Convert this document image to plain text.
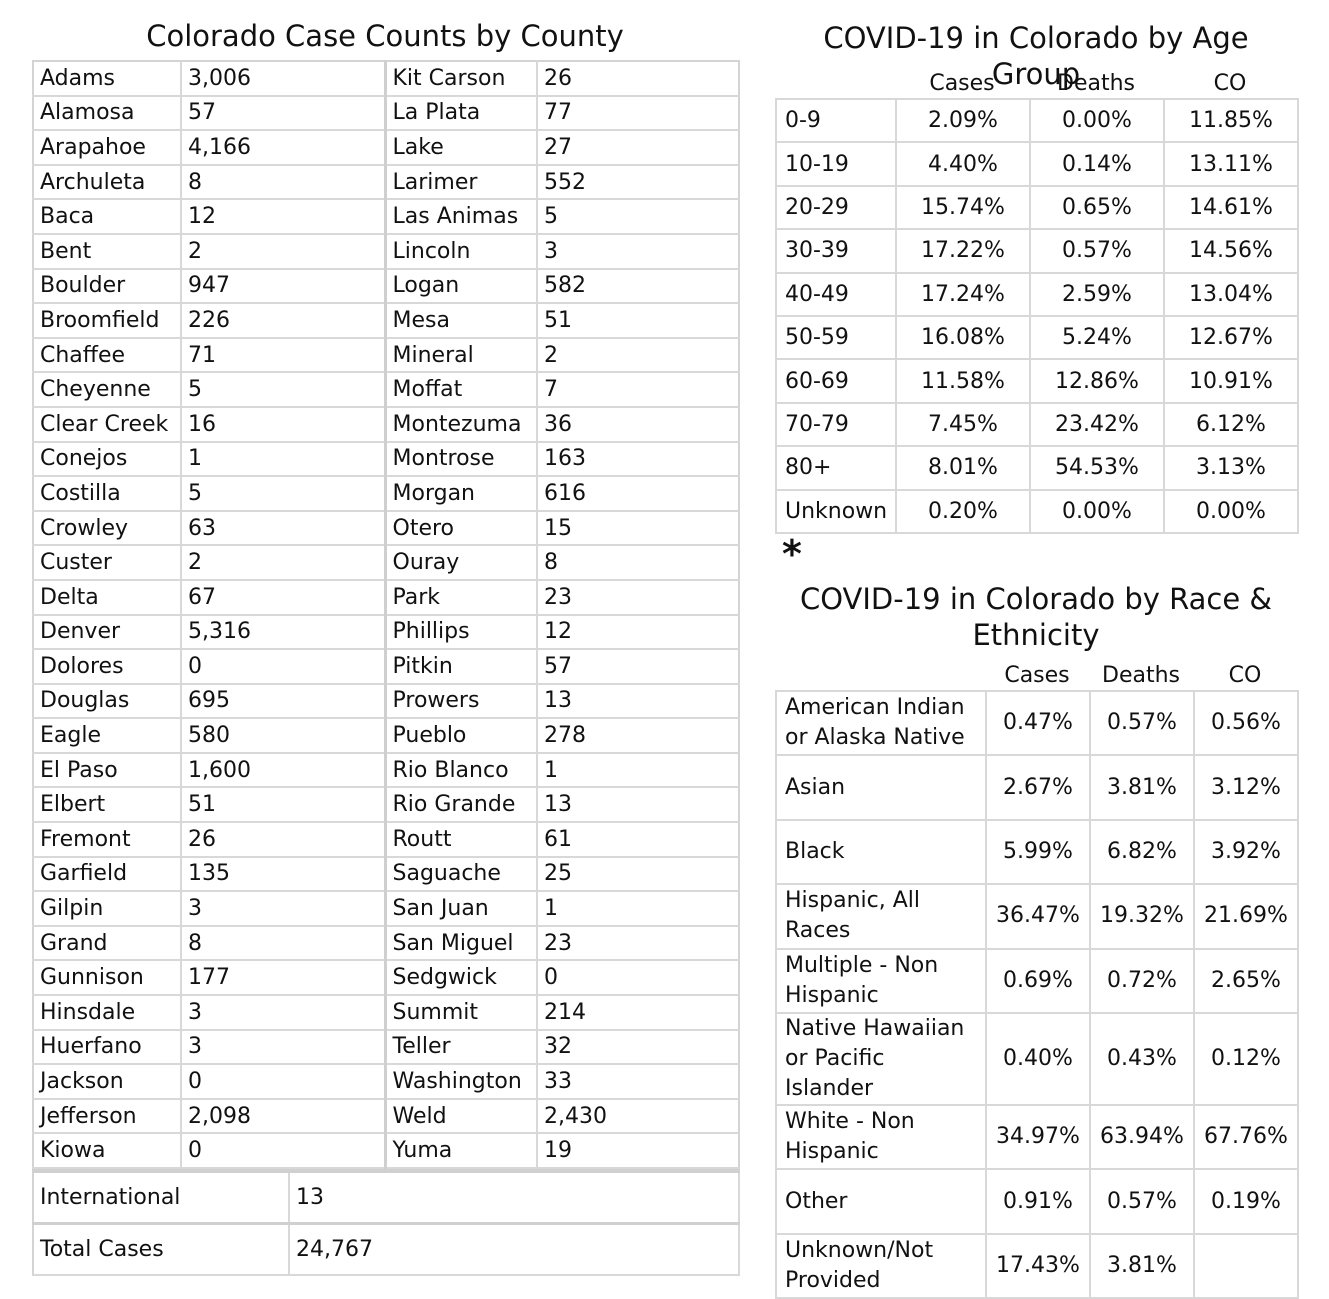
Colorado Case Counts by County
Adams	3,006	Kit Carson	26
Alamosa	57	La Plata	77
Arapahoe	4,166	Lake	27
Archuleta	8	Larimer	552
Baca	12	Las Animas	5
Bent	2	Lincoln	3
Boulder	947	Logan	582
Broomfield	226	Mesa	51
Chaffee	71	Mineral	2
Cheyenne	5	Moffat	7
Clear Creek	16	Montezuma	36
Conejos	1	Montrose	163
Costilla	5	Morgan	616
Crowley	63	Otero	15
Custer	2	Ouray	8
Delta	67	Park	23
Denver	5,316	Phillips	12
Dolores	0	Pitkin	57
Douglas	695	Prowers	13
Eagle	580	Pueblo	278
El Paso	1,600	Rio Blanco	1
Elbert	51	Rio Grande	13
Fremont	26	Routt	61
Garfield	135	Saguache	25
Gilpin	3	San Juan	1
Grand	8	San Miguel	23
Gunnison	177	Sedgwick	0
Hinsdale	3	Summit	214
Huerfano	3	Teller	32
Jackson	0	Washington	33
Jefferson	2,098	Weld	2,430
Kiowa	0	Yuma	19
International	13
Total Cases	24,767
COVID-19 in Colorado by Age Group
Cases	Deaths	CO
0-9	2.09%	0.00%	11.85%
10-19	4.40%	0.14%	13.11%
20-29	15.74%	0.65%	14.61%
30-39	17.22%	0.57%	14.56%
40-49	17.24%	2.59%	13.04%
50-59	16.08%	5.24%	12.67%
60-69	11.58%	12.86%	10.91%
70-79	7.45%	23.42%	6.12%
80+	8.01%	54.53%	3.13%
Unknown	0.20%	0.00%	0.00%
*
COVID-19 in Colorado by Race & Ethnicity
Cases	Deaths	CO
American Indian or Alaska Native	0.47%	0.57%	0.56%
Asian	2.67%	3.81%	3.12%
Black	5.99%	6.82%	3.92%
Hispanic, All Races	36.47%	19.32%	21.69%
Multiple - Non Hispanic	0.69%	0.72%	2.65%
Native Hawaiian or Pacific Islander	0.40%	0.43%	0.12%
White - Non Hispanic	34.97%	63.94%	67.76%
Other	0.91%	0.57%	0.19%
Unknown/Not Provided	17.43%	3.81%	
